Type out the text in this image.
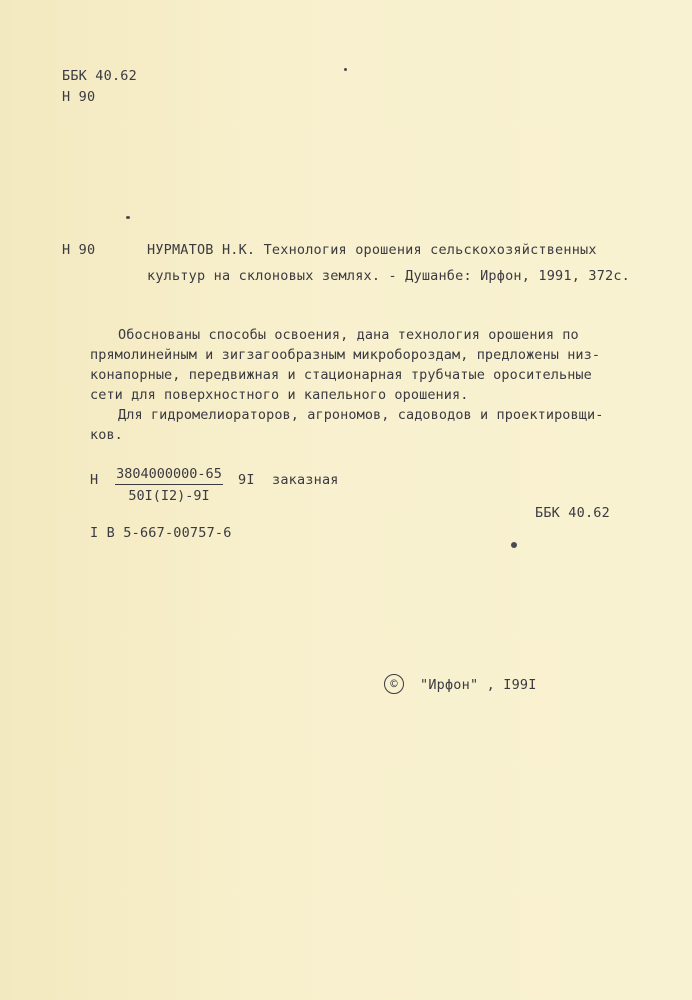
ББК 40.62
Н 90
Н 90	НУРМАТОВ Н.К. Технология орошения сельскохозяйственных
культур на склоновых землях. - Душанбе: Ирфон, 1991, 372с.

Обоснованы способы освоения, дана технология орошения по

прямолинейным и зигзагообразным микробороздам, предложены низ-

конапорные, передвижная и стационарная трубчатые оросительные

сети для поверхностного и капельного орошения.

Для гидромелиораторов, агрономов, садоводов и проектировщи-

ков.

Н $\frac{3804000000-65}{50I(I2)-9I} 9I$ заказная
ББК 40.62
I В 5-667-00757-6
©	"Ирфон" , I99I
